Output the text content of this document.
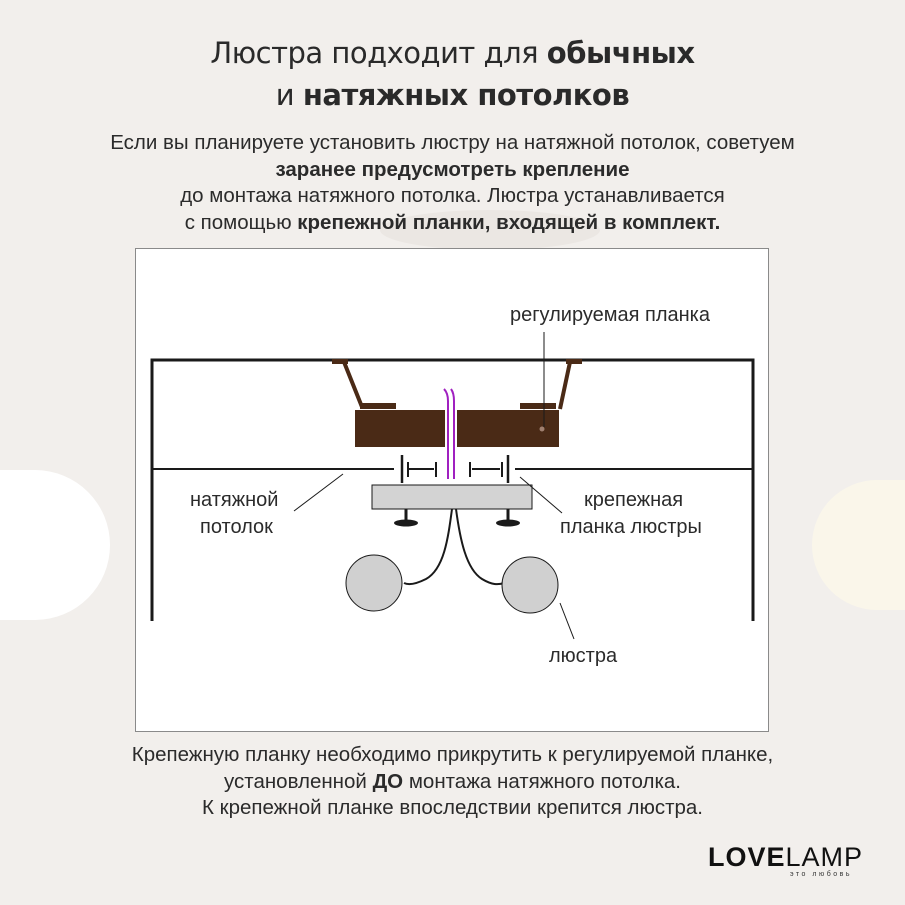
Люстра подходит для обычных
и натяжных потолков
Если вы планируете установить люстру на натяжной потолок, советуем
заранее предусмотреть крепление
до монтажа натяжного потолка. Люстра устанавливается
с помощью крепежной планки, входящей в комплект.
регулируемая планка
натяжной
потолок
крепежная
планка люстры
люстра
Крепежную планку необходимо прикрутить к регулируемой планке,
установленной ДО монтажа натяжного потолка.
К крепежной планке впоследствии крепится люстра.
LOVELAMP
это любовь
